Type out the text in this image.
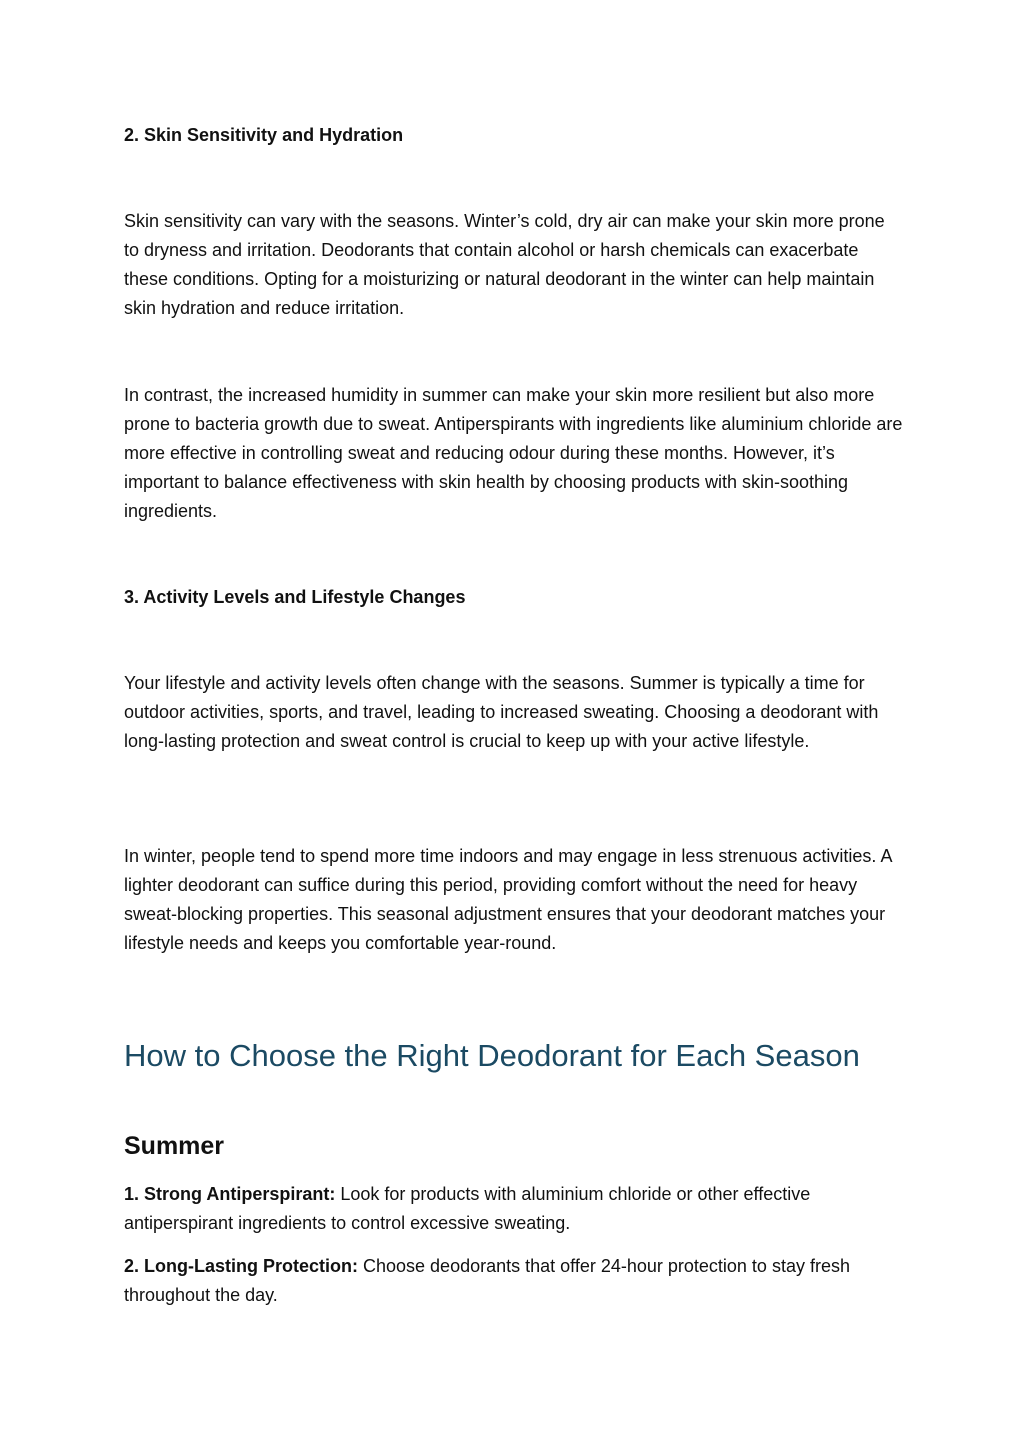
2. Skin Sensitivity and Hydration

Skin sensitivity can vary with the seasons. Winter’s cold, dry air can make your skin more prone to dryness and irritation. Deodorants that contain alcohol or harsh chemicals can exacerbate these conditions. Opting for a moisturizing or natural deodorant in the winter can help maintain skin hydration and reduce irritation.

In contrast, the increased humidity in summer can make your skin more resilient but also more prone to bacteria growth due to sweat. Antiperspirants with ingredients like aluminium chloride are more effective in controlling sweat and reducing odour during these months. However, it’s important to balance effectiveness with skin health by choosing products with skin-soothing ingredients.

3. Activity Levels and Lifestyle Changes

Your lifestyle and activity levels often change with the seasons. Summer is typically a time for outdoor activities, sports, and travel, leading to increased sweating. Choosing a deodorant with long-lasting protection and sweat control is crucial to keep up with your active lifestyle.

In winter, people tend to spend more time indoors and may engage in less strenuous activities. A lighter deodorant can suffice during this period, providing comfort without the need for heavy sweat-blocking properties. This seasonal adjustment ensures that your deodorant matches your lifestyle needs and keeps you comfortable year-round.

How to Choose the Right Deodorant for Each Season
Summer

1. Strong Antiperspirant: Look for products with aluminium chloride or other effective antiperspirant ingredients to control excessive sweating.

2. Long-Lasting Protection: Choose deodorants that offer 24-hour protection to stay fresh throughout the day.
